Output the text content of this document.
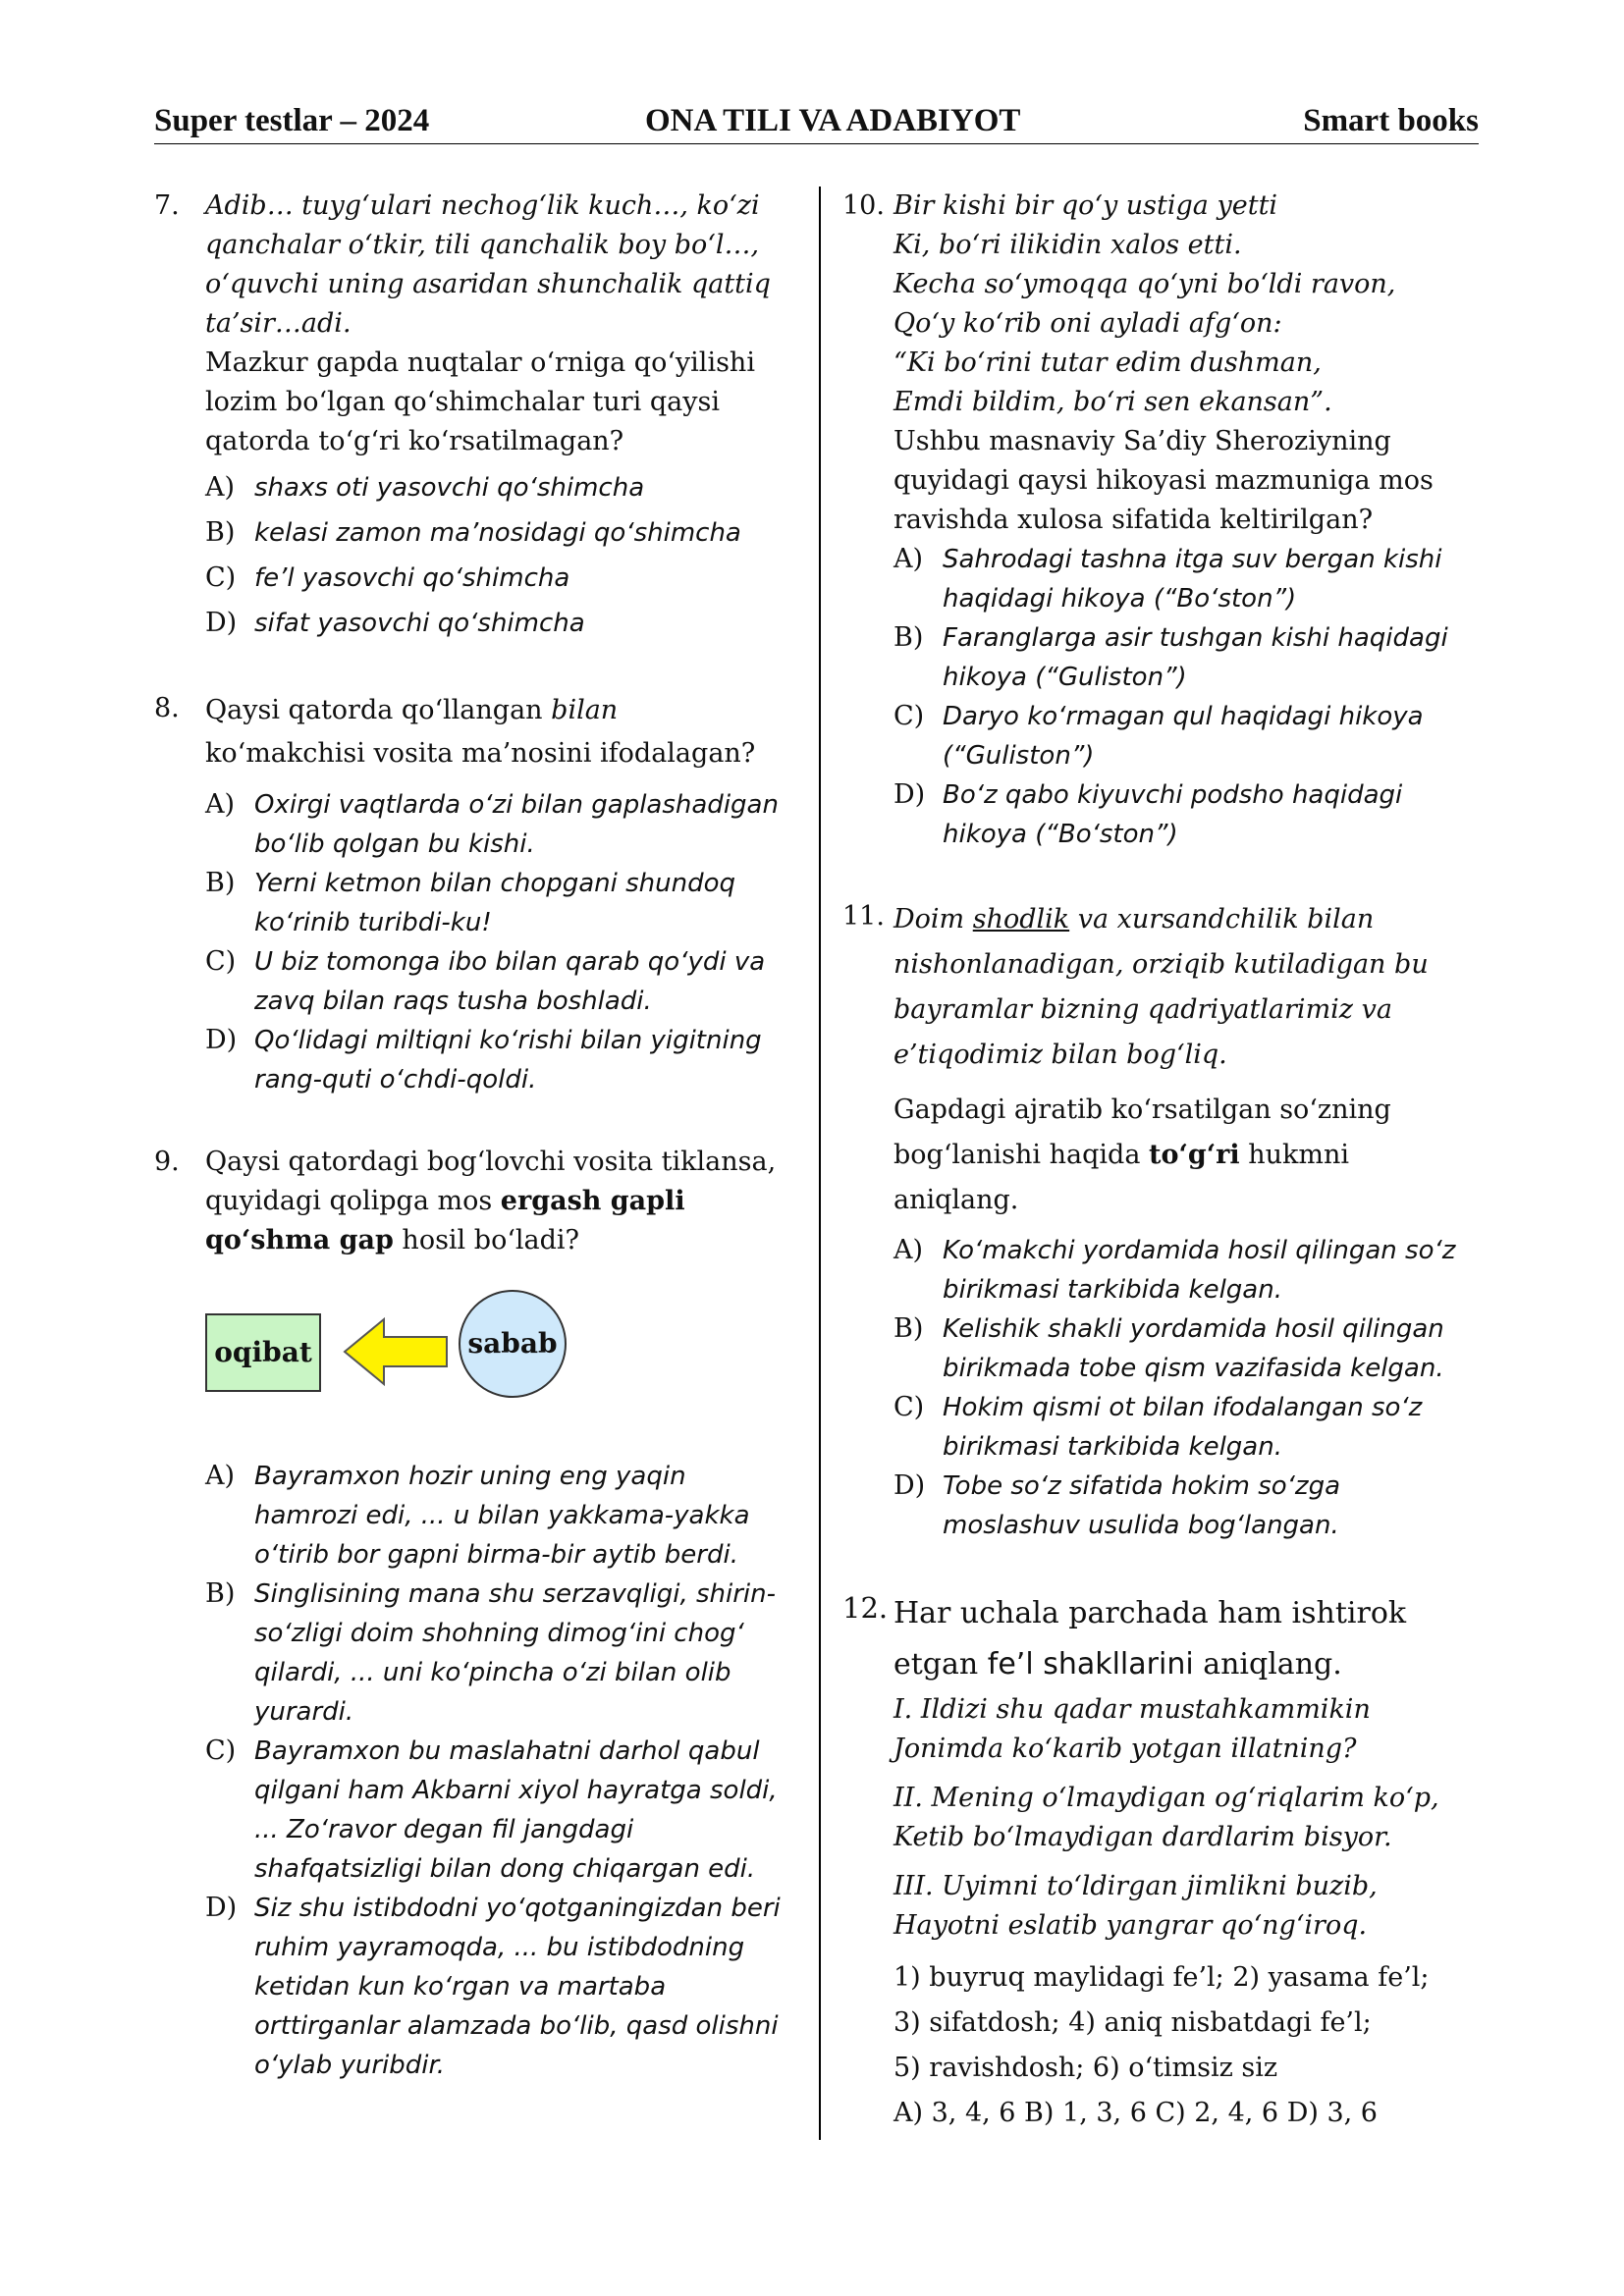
Super testlar – 2024	ONA TILI VA ADABIYOT	Smart books
7. Adib… tuyg‘ulari nechog‘lik kuch…, ko‘zi qanchalar o‘tkir, tili qanchalik boy bo‘l…, o‘quvchi uning asaridan shunchalik qattiq ta’sir…adi.

Mazkur gapda nuqtalar o‘rniga qo‘yilishi lozim bo‘lgan qo‘shimchalar turi qaysi qatorda to‘g‘ri ko‘rsatilmagan?

A) shaxs oti yasovchi qo‘shimcha
B) kelasi zamon ma’nosidagi qo‘shimcha
C) fe’l yasovchi qo‘shimcha
D) sifat yasovchi qo‘shimcha
8. Qaysi qatorda qo‘llangan bilan ko‘makchisi vosita ma’nosini ifodalagan?

A) Oxirgi vaqtlarda o‘zi bilan gaplashadigan bo‘lib qolgan bu kishi.
B) Yerni ketmon bilan chopgani shundoq ko‘rinib turibdi-ku!
C) U biz tomonga ibo bilan qarab qo‘ydi va zavq bilan raqs tusha boshladi.
D) Qo‘lidagi miltiqni ko‘rishi bilan yigitning rang-quti o‘chdi-qoldi.
9. Qaysi qatordagi bog‘lovchi vosita tiklansa, quyidagi qolipga mos ergash gapli qo‘shma gap hosil bo‘ladi?

oqibat	sabab
A) Bayramxon hozir uning eng yaqin hamrozi edi, ... u bilan yakkama-yakka o‘tirib bor gapni birma-bir aytib berdi.
B) Singlisining mana shu serzavqligi, shirin-so‘zligi doim shohning dimog‘ini chog‘ qilardi, ... uni ko‘pincha o‘zi bilan olib yurardi.
C) Bayramxon bu maslahatni darhol qabul qilgani ham Akbarni xiyol hayratga soldi, ... Zo‘ravor degan fil jangdagi shafqatsizligi bilan dong chiqargan edi.
D) Siz shu istibdodni yo‘qotganingizdan beri ruhim yayramoqda, ... bu istibdodning ketidan kun ko‘rgan va martaba orttirganlar alamzada bo‘lib, qasd olishni o‘ylab yuribdir.
10. Bir kishi bir qo‘y ustiga yetti
Ki, bo‘ri ilikidin xalos etti.
Kecha so‘ymoqqa qo‘yni bo‘ldi ravon,
Qo‘y ko‘rib oni ayladi afg‘on:
“Ki bo‘rini tutar edim dushman,
Emdi bildim, bo‘ri sen ekansan”.

Ushbu masnaviy Sa’diy Sheroziyning quyidagi qaysi hikoyasi mazmuniga mos ravishda xulosa sifatida keltirilgan?

A) Sahrodagi tashna itga suv bergan kishi haqidagi hikoya (“Bo‘ston”)
B) Faranglarga asir tushgan kishi haqidagi hikoya (“Guliston”)
C) Daryo ko‘rmagan qul haqidagi hikoya (“Guliston”)
D) Bo‘z qabo kiyuvchi podsho haqidagi hikoya (“Bo‘ston”)
11. Doim shodlik va xursandchilik bilan nishonlanadigan, orziqib kutiladigan bu bayramlar bizning qadriyatlarimiz va e’tiqodimiz bilan bog‘liq.

Gapdagi ajratib ko‘rsatilgan so‘zning bog‘lanishi haqida to‘g‘ri hukmni aniqlang.

A) Ko‘makchi yordamida hosil qilingan so‘z birikmasi tarkibida kelgan.
B) Kelishik shakli yordamida hosil qilingan birikmada tobe qism vazifasida kelgan.
C) Hokim qismi ot bilan ifodalangan so‘z birikmasi tarkibida kelgan.
D) Tobe so‘z sifatida hokim so‘zga moslashuv usulida bog‘langan.
12. Har uchala parchada ham ishtirok etgan fe’l shakllarini aniqlang.

I. Ildizi shu qadar mustahkammikin
Jonimda ko‘karib yotgan illatning?
II. Mening o‘lmaydigan og‘riqlarim ko‘p,
Ketib bo‘lmaydigan dardlarim bisyor.
III. Uyimni to‘ldirgan jimlikni buzib,
Hayotni eslatib yangrar qo‘ng‘iroq.
1) buyruq maylidagi fe’l; 2) yasama fe’l;
3) sifatdosh; 4) aniq nisbatdagi fe’l;
5) ravishdosh; 6) o‘timsiz siz
A) 3, 4, 6 B) 1, 3, 6 C) 2, 4, 6 D) 3, 6
